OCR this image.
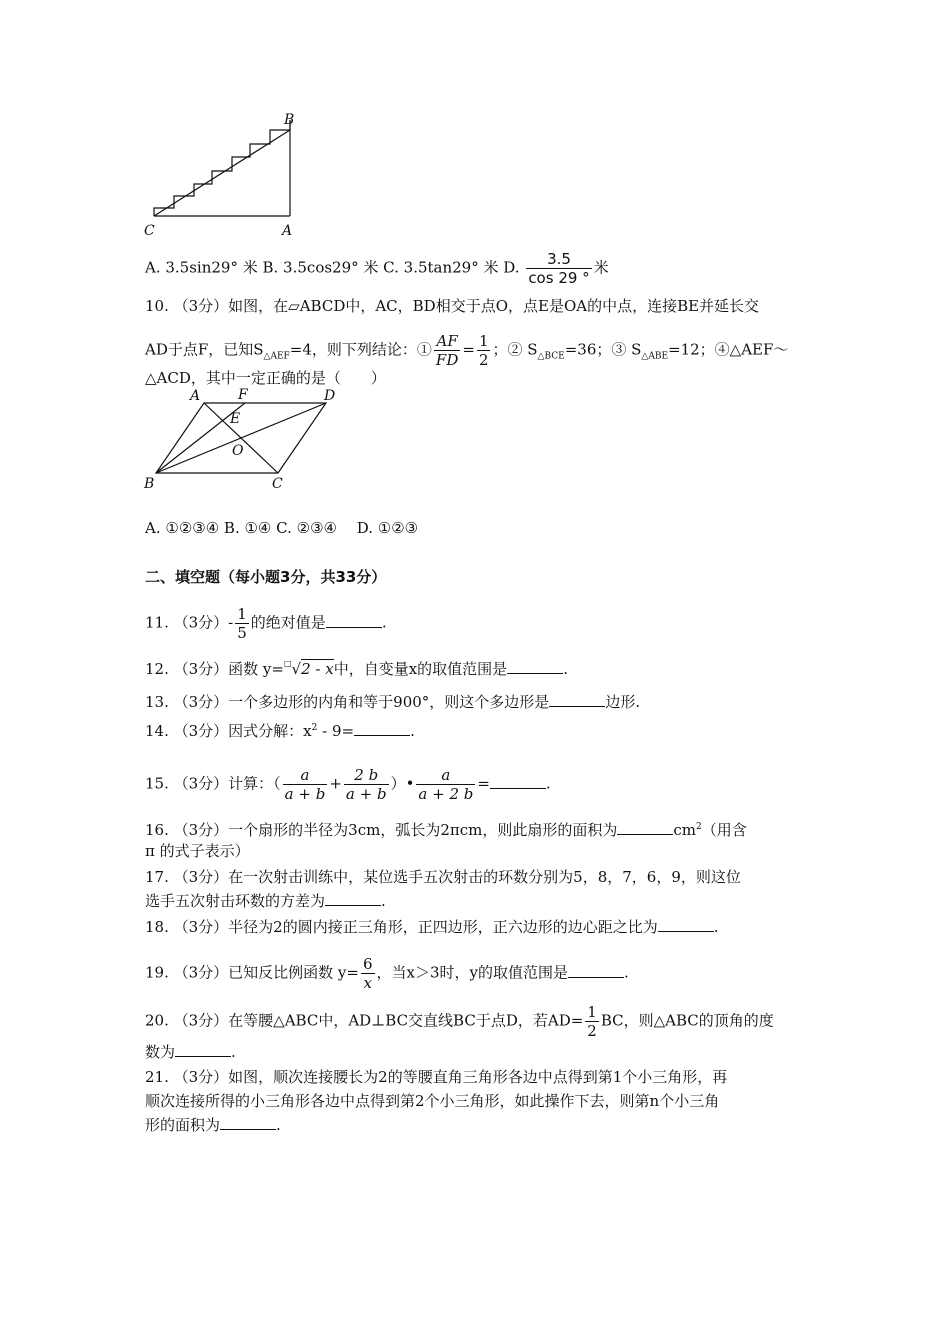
B
C	A
A. 3.5sin29° 米 B. 3.5cos29° 米 C. 3.5tan29° 米 D. $\frac{3.5}{\cos 29 ^\circ}$ 米
10. （3分）如图，在▱ABCD中，AC，BD相交于点O，点E是OA的中点，连接BE并延长交
AD于点F，已知$S_{\triangle AEF}=4$，则下列结论：① $\frac{AF}{FD} = \frac{1}{2}$ ；② $S_{\triangle BCE}=36$；③ $S_{\triangle ABE}=12$；④△AEF～
△ACD，其中一定正确的是（　　）
A	F	D
E
O
B	C
A. ①②③④ B. ①④ C. ②③④　 D. ①②③
二、填空题（每小题3分，共33分）
11. （3分）- $\frac{1}{5}$ 的绝对值是	.
12. （3分）函数 y=□√2 - x中，自变量x的取值范围是	.
13. （3分）一个多边形的内角和等于900°，则这个多边形是	边形.
14. （3分）因式分解：$x^2 - 9=$	.
15. （3分）计算：（ $\frac{a}{a + b} + \frac{2 b}{a + b}$ ）• $\frac{a}{a + 2 b}$ =	.
16. （3分）一个扇形的半径为3cm，弧长为2πcm，则此扇形的面积为	$cm^2$（用含
π 的式子表示）
17. （3分）在一次射击训练中，某位选手五次射击的环数分别为5，8，7，6，9，则这位
选手五次射击环数的方差为	.
18. （3分）半径为2的圆内接正三角形，正四边形，正六边形的边心距之比为	.
19. （3分）已知反比例函数 $y= \frac{6}{x}$ ，当x＞3时，y的取值范围是	.
20. （3分）在等腰△ABC中，AD⊥BC交直线BC于点D，若$AD= \frac{1}{2}$ BC，则△ABC的顶角的度
数为	.
21. （3分）如图，顺次连接腰长为2的等腰直角三角形各边中点得到第1个小三角形，再
顺次连接所得的小三角形各边中点得到第2个小三角形，如此操作下去，则第n个小三角
形的面积为	.
